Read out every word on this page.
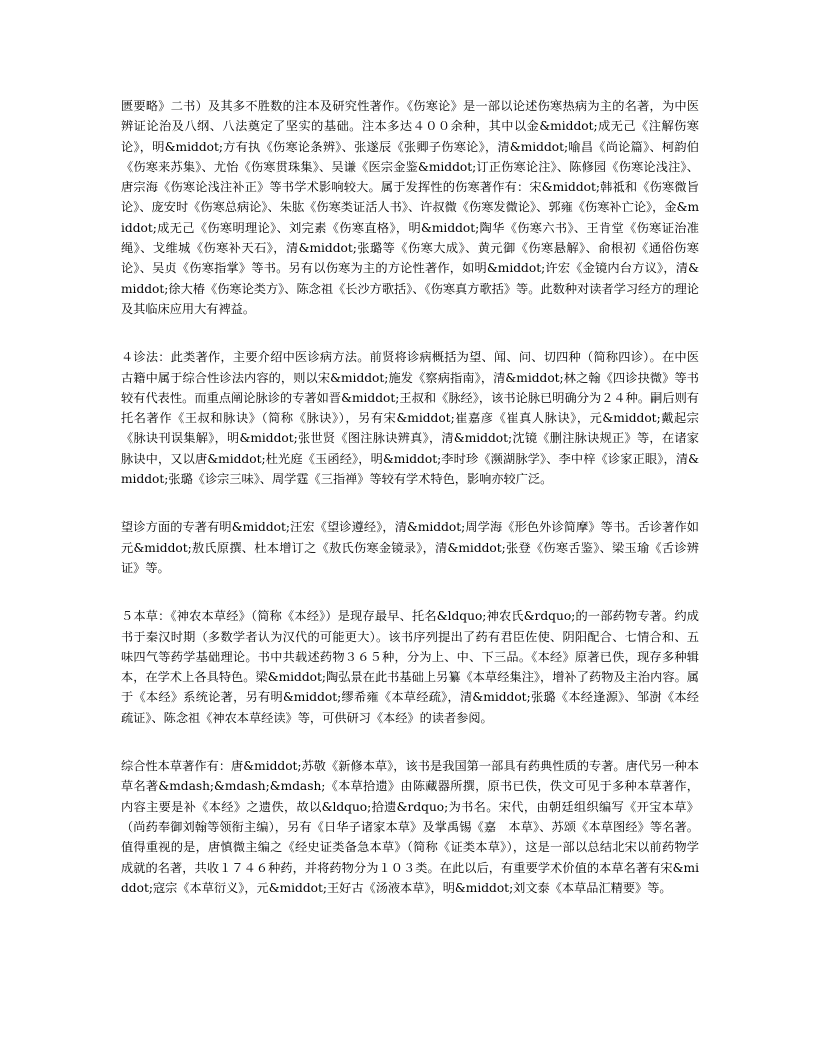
匮要略》二书）及其多不胜数的注本及研究性著作。《伤寒论》是一部以论述伤寒热病为主的名著，为中医辨证论治及八纲、八法奠定了坚实的基础。注本多达４００余种，其中以金&middot;成无己《注解伤寒论》，明&middot;方有执《伤寒论条辨》、张遂辰《张卿子伤寒论》，清&middot;喻昌《尚论篇》、柯韵伯《伤寒来苏集》、尤怡《伤寒贯珠集》、吴谦《医宗金鉴&middot;订正伤寒论注》、陈修园《伤寒论浅注》、唐宗海《伤寒论浅注补正》等书学术影响较大。属于发挥性的伤寒著作有：宋&middot;韩祗和《伤寒微旨论》、庞安时《伤寒总病论》、朱肱《伤寒类证活人书》、许叔微《伤寒发微论》、郭雍《伤寒补亡论》，金&middot;成无己《伤寒明理论》、刘完素《伤寒直格》，明&middot;陶华《伤寒六书》、王肯堂《伤寒证治准绳》、戈维城《伤寒补天石》，清&middot;张璐等《伤寒大成》、黄元御《伤寒悬解》、俞根初《通俗伤寒论》、吴贞《伤寒指掌》等书。另有以伤寒为主的方论性著作，如明&middot;许宏《金镜内台方议》，清&middot;徐大椿《伤寒论类方》、陈念祖《长沙方歌括》、《伤寒真方歌括》等。此数种对读者学习经方的理论及其临床应用大有裨益。

４诊法：此类著作，主要介绍中医诊病方法。前贤将诊病概括为望、闻、问、切四种（简称四诊）。在中医古籍中属于综合性诊法内容的，则以宋&middot;施发《察病指南》，清&middot;林之翰《四诊抉微》等书较有代表性。而重点阐论脉诊的专著如晋&middot;王叔和《脉经》，该书论脉已明确分为２４种。嗣后则有托名著作《王叔和脉诀》（简称《脉诀》），另有宋&middot;崔嘉彦《崔真人脉诀》，元&middot;戴起宗《脉诀刊误集解》，明&middot;张世贤《图注脉诀辨真》，清&middot;沈镜《删注脉诀规正》等，在诸家脉诀中，又以唐&middot;杜光庭《玉函经》，明&middot;李时珍《濒湖脉学》、李中梓《诊家正眼》，清&middot;张璐《诊宗三味》、周学霆《三指禅》等较有学术特色，影响亦较广泛。

望诊方面的专著有明&middot;汪宏《望诊遵经》，清&middot;周学海《形色外诊简摩》等书。舌诊著作如元&middot;敖氏原撰、杜本增订之《敖氏伤寒金镜录》，清&middot;张登《伤寒舌鉴》、梁玉瑜《舌诊辨证》等。

５本草：《神农本草经》（简称《本经》）是现存最早、托名&ldquo;神农氏&rdquo;的一部药物专著。约成书于秦汉时期（多数学者认为汉代的可能更大）。该书序列提出了药有君臣佐使、阴阳配合、七情合和、五味四气等药学基础理论。书中共载述药物３６５种，分为上、中、下三品。《本经》原著已佚，现存多种辑本，在学术上各具特色。梁&middot;陶弘景在此书基础上另纂《本草经集注》，增补了药物及主治内容。属于《本经》系统论著，另有明&middot;缪希雍《本草经疏》，清&middot;张璐《本经逢源》、邹澍《本经疏证》、陈念祖《神农本草经读》等，可供研习《本经》的读者参阅。

综合性本草著作有：唐&middot;苏敬《新修本草》，该书是我国第一部具有药典性质的专著。唐代另一种本草名著&mdash;&mdash;&mdash;《本草拾遗》由陈藏器所撰，原书已佚，佚文可见于多种本草著作，内容主要是补《本经》之遗佚，故以&ldquo;拾遗&rdquo;为书名。宋代，由朝廷组织编写《开宝本草》（尚药奉御刘翰等领衔主编），另有《日华子诸家本草》及掌禹锡《嘉　本草》、苏颂《本草图经》等名著。值得重视的是，唐慎微主编之《经史证类备急本草》（简称《证类本草》），这是一部以总结北宋以前药物学成就的名著，共收１７４６种药，并将药物分为１０３类。在此以后，有重要学术价值的本草名著有宋&middot;寇宗《本草衍义》，元&middot;王好古《汤液本草》，明&middot;刘文泰《本草品汇精要》等。
